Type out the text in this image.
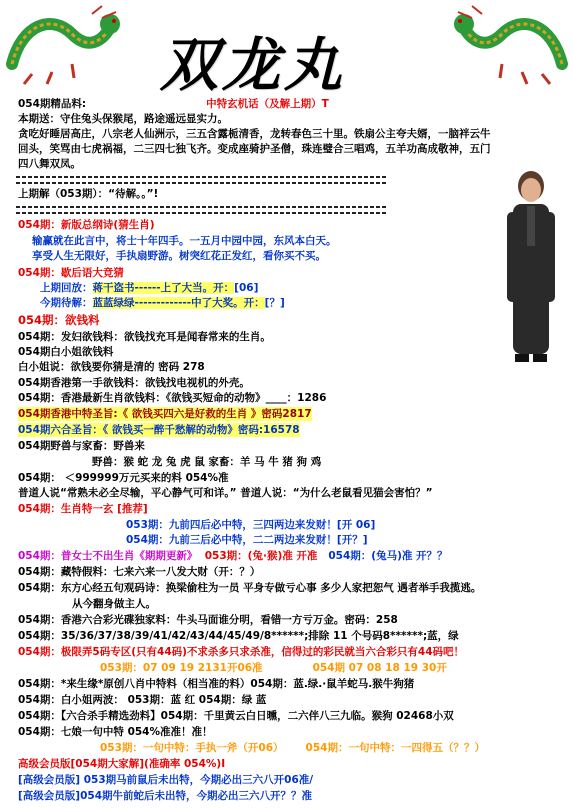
双龙丸
054期精品料:	中特玄机话（及解上期）T
本期送：守住兔头保猴尾，路途遥远显实力。
贪吃好睡居高庄，八宗老人仙洲示，三五含露栀清香，龙转春色三十里。铁扇公主夸夫婿，一脑袢云牛
回头，笑骂由七虎祸福，二三四七独飞齐。变成座骑护圣僧，珠连璧合三唱鸡，五羊功高成敬神，五门
四八舞双凤。
上期解（053期）：“待解。。”!
054期：新版总纲诗(猜生肖)
输赢就在此言中，将士十年四手。一五月中园中园，东风本白天。
享受人生无限好，手执扇野游。树突红花正发红，看你买不买。
054期：歇后语大竞猜
上期回放：蒋干盗书------上了大当。开：[06]
今期待解：蓝蓝绿绿-------------中了大奖。开：[？]
054期：欲钱料
054期：发妇欲钱料：欲钱找充耳是闻春常来的生肖。
054期白小姐欲钱料
白小姐说：欲钱要你猜是清的 密码 278
054期香港第一手欲钱料：欲钱找电视机的外壳。
054期：香港最新生肖欲钱料：《欲钱买短命的动物》____：1286
054期香港中特圣旨:《 欲钱买四六是好救的生肖 》密码2817
054期六合圣旨：《 欲钱买一醉千愁解的动物》密码:16578
054期野兽与家畜：野兽来
野兽：猴 蛇 龙 兔 虎 鼠 家畜：羊 马 牛 猪 狗 鸡
054期： ＜999999万元买来的料 054%准
普道人说“常熟未必全尽输，平心静气可和详。” 普道人说：“为什么老鼠看见猫会害怕？”
054期：生肖特一玄 [推荐]
053期：九前四后必中特，三四两边来发财！[开 06]
054期：九前三后必中特，二二两边来发财！[开？]
054期：普女士不出生肖《期期更新》 053期：(兔·猴)准 开准 054期：(兔马)准 开？？
054期：藏特假料：七来六来一八发大财（开：？）
054期：东方心经五句观码诗：换梁偷柱为一员 平身专做亏心事 多少人家把恕气 遇者举手我揽逃。
从今翻身做主人。
054期：香港六合彩光碟独家料：牛头马面谁分明，看错一方亏万金。密码：258
054期：35/36/37/38/39/41/42/43/44/45/49/8******;排除 11 个号码8******;蓝，绿
054期：极限弄5码专区(只有44码)不求杀多只求杀准，信得过的彩民就当六合彩只有44码吧！
053期：07 09 19 2131开06准	054期 07 08 18 19 30开
054期：*来生缘*原创八肖中特料（相当准的料）054期：蓝.绿.·鼠羊蛇马.猴牛狗猪
054期：白小姐两波： 053期：蓝 红 054期：绿 蓝
054期：【六合杀手精选劲料】054期：千里黄云白日曛，二六伴八三九临。猴狗 02468小双
054期：七娘一句中特 054%准准！准！
053期：一句中特：手执一斧（开06） 054期：一句中特：一四得五（？？）
高级会员版[054期大家解](准确率 054%)I
[高级会员版] 053期马前鼠后未出特，今期必出三六八开06准/
[高级会员版]054期牛前蛇后未出特，今期必出三六八开？？准
